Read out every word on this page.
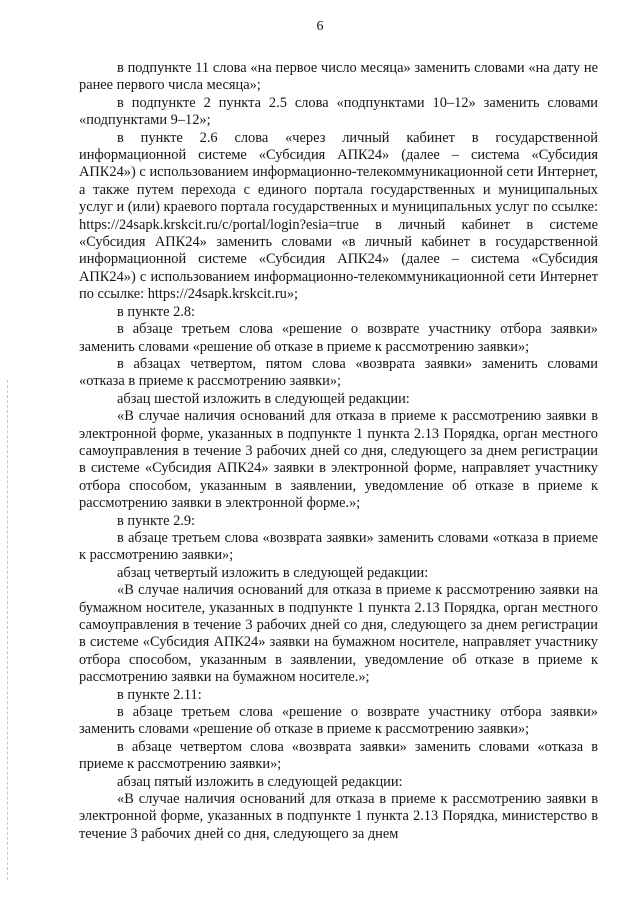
6

в подпункте 11 слова «на первое число месяца» заменить словами «на дату не ранее первого числа месяца»;

в подпункте 2 пункта 2.5 слова «подпунктами 10–12» заменить словами «подпунктами 9–12»;

в пункте 2.6 слова «через личный кабинет в государственной информационной системе «Субсидия АПК24» (далее – система «Субсидия АПК24») с использованием информационно-телекоммуникационной сети Интернет, а также путем перехода с единого портала государственных и муниципальных услуг и (или) краевого портала государственных и муниципальных услуг по ссылке: https://24sapk.krskcit.ru/c/portal/login?esia=true в личный кабинет в системе «Субсидия АПК24» заменить словами «в личный кабинет в государственной информационной системе «Субсидия АПК24» (далее – система «Субсидия АПК24») с использованием информационно-телекоммуникационной сети Интернет по ссылке: https://24sapk.krskcit.ru»;

в пункте 2.8:

в абзаце третьем слова «решение о возврате участнику отбора заявки» заменить словами «решение об отказе в приеме к рассмотрению заявки»;

в абзацах четвертом, пятом слова «возврата заявки» заменить словами «отказа в приеме к рассмотрению заявки»;

абзац шестой изложить в следующей редакции:

«В случае наличия оснований для отказа в приеме к рассмотрению заявки в электронной форме, указанных в подпункте 1 пункта 2.13 Порядка, орган местного самоуправления в течение 3 рабочих дней со дня, следующего за днем регистрации в системе «Субсидия АПК24» заявки в электронной форме, направляет участнику отбора способом, указанным в заявлении, уведомление об отказе в приеме к рассмотрению заявки в электронной форме.»;

в пункте 2.9:

в абзаце третьем слова «возврата заявки» заменить словами «отказа в приеме к рассмотрению заявки»;

абзац четвертый изложить в следующей редакции:

«В случае наличия оснований для отказа в приеме к рассмотрению заявки на бумажном носителе, указанных в подпункте 1 пункта 2.13 Порядка, орган местного самоуправления в течение 3 рабочих дней со дня, следующего за днем регистрации в системе «Субсидия АПК24» заявки на бумажном носителе, направляет участнику отбора способом, указанным в заявлении, уведомление об отказе в приеме к рассмотрению заявки на бумажном носителе.»;

в пункте 2.11:

в абзаце третьем слова «решение о возврате участнику отбора заявки» заменить словами «решение об отказе в приеме к рассмотрению заявки»;

в абзаце четвертом слова «возврата заявки» заменить словами «отказа в приеме к рассмотрению заявки»;

абзац пятый изложить в следующей редакции:

«В случае наличия оснований для отказа в приеме к рассмотрению заявки в электронной форме, указанных в подпункте 1 пункта 2.13 Порядка, министерство в течение 3 рабочих дней со дня, следующего за днем
